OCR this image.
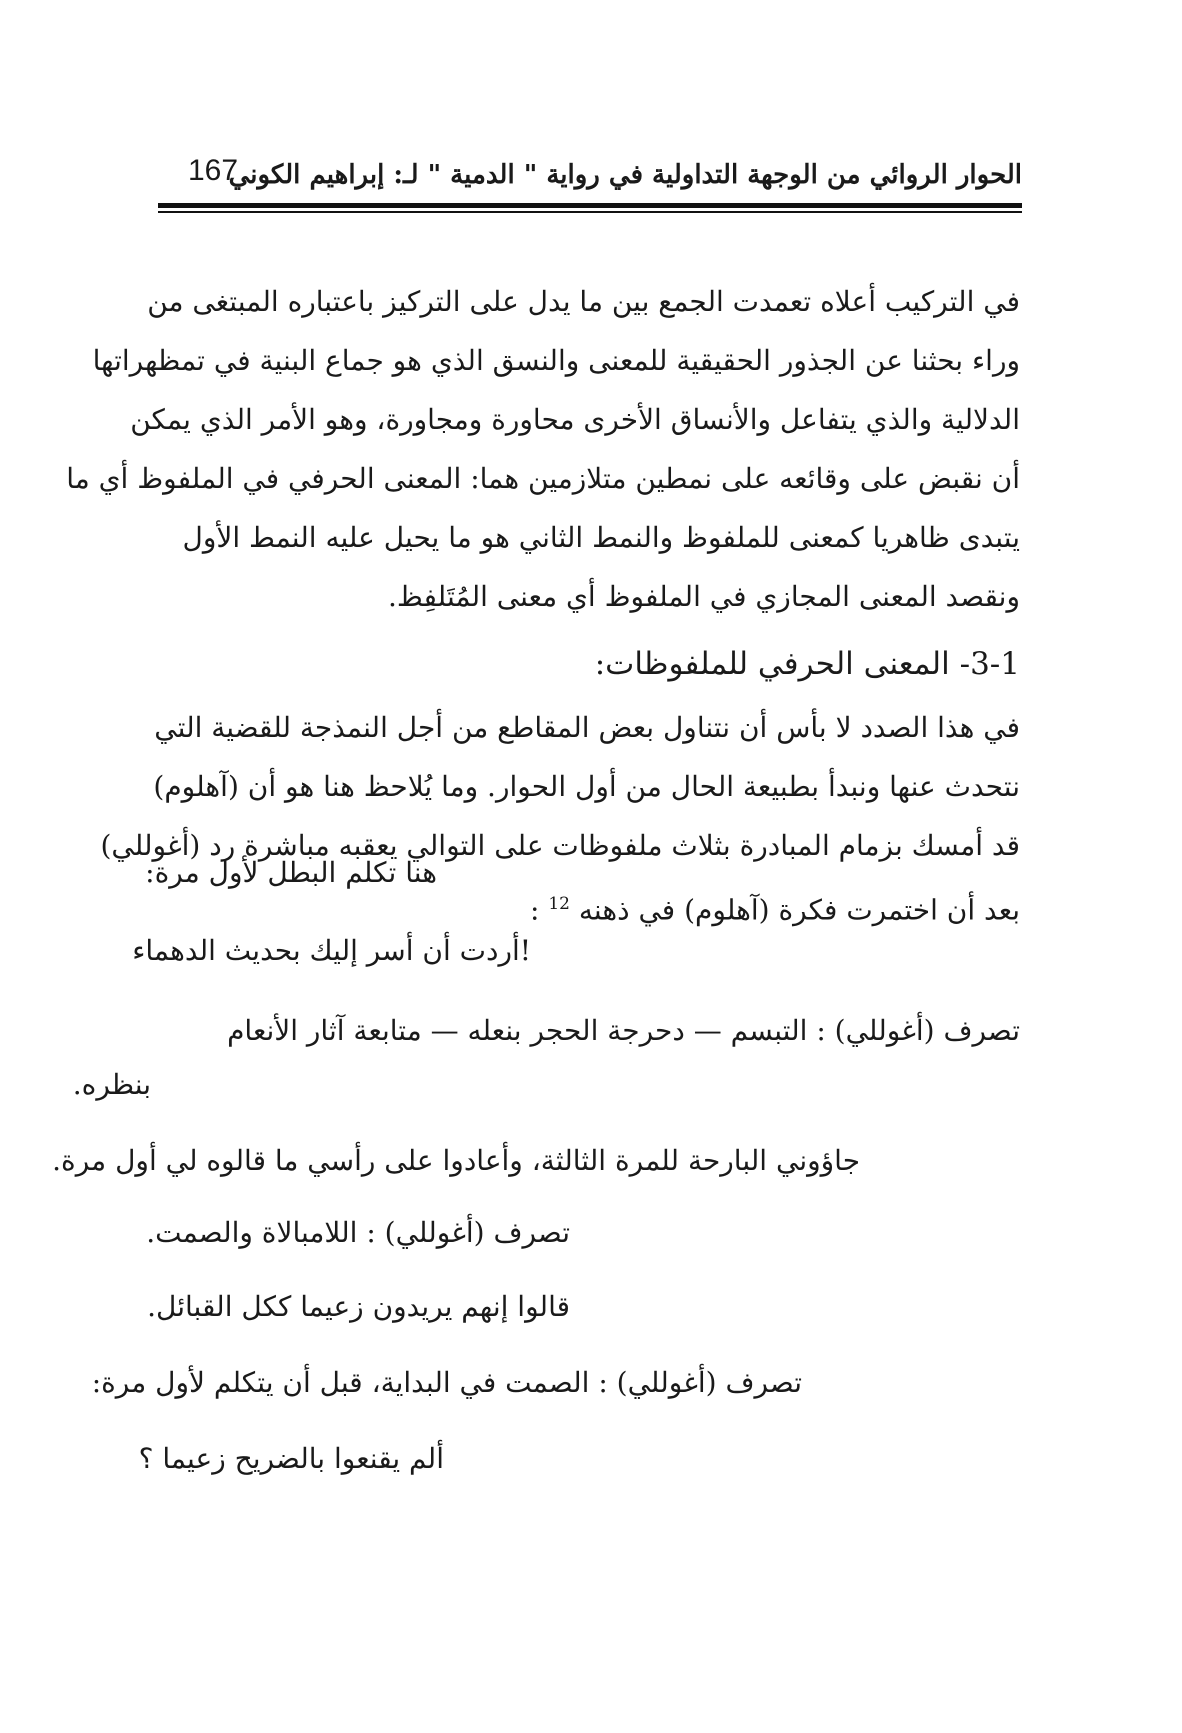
الحوار الروائي من الوجهة التداولية في رواية " الدمية " لـ: إبراهيم الكوني
167

في التركيب أعلاه تعمدت الجمع بين ما يدل على التركيز باعتباره المبتغى من
وراء بحثنا عن الجذور الحقيقية للمعنى والنسق الذي هو جماع البنية في تمظهراتها
الدلالية والذي يتفاعل والأنساق الأخرى محاورة ومجاورة، وهو الأمر الذي يمكن
أن نقبض على وقائعه على نمطين متلازمين هما: المعنى الحرفي في الملفوظ أي ما
يتبدى ظاهريا كمعنى للملفوظ والنمط الثاني هو ما يحيل عليه النمط الأول
ونقصد المعنى المجازي في الملفوظ أي معنى المُتَلفِظ.

3-1- المعنى الحرفي للملفوظات:

في هذا الصدد لا بأس أن نتناول بعض المقاطع من أجل النمذجة للقضية التي
نتحدث عنها ونبدأ بطبيعة الحال من أول الحوار. وما يُلاحظ هنا هو أن (آهلوم)
قد أمسك بزمام المبادرة بثلاث ملفوظات على التوالي يعقبه مباشرة رد (أغوللي)
بعد أن اختمرت فكرة (آهلوم) في ذهنه 12 :

هنا تكلم البطل لأول مرة:
!أردت أن أسر إليك بحديث الدهماء
تصرف (أغوللي) : التبسم — دحرجة الحجر بنعله — متابعة آثار الأنعام
بنظره.
جاؤوني البارحة للمرة الثالثة، وأعادوا على رأسي ما قالوه لي أول مرة.
تصرف (أغوللي) : اللامبالاة والصمت.
قالوا إنهم يريدون زعيما ككل القبائل.
تصرف (أغوللي) : الصمت في البداية، قبل أن يتكلم لأول مرة:
ألم يقنعوا بالضريح زعيما ؟
